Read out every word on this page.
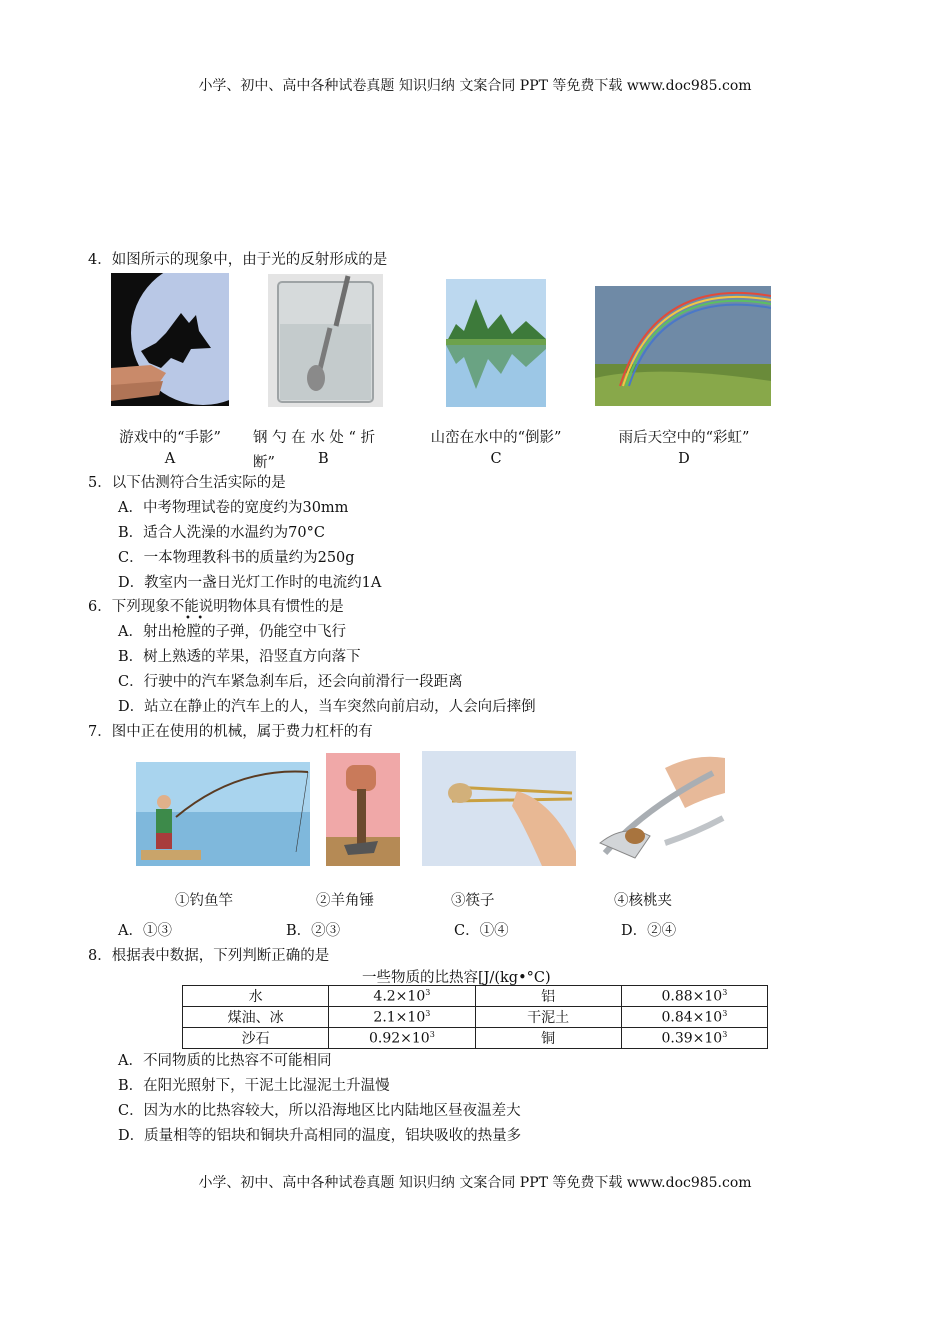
小学、初中、高中各种试卷真题 知识归纳 文案合同 PPT 等免费下载 www.doc985.com
4．如图所示的现象中，由于光的反射形成的是
游戏中的“手影”
A
钢 勺 在 水 处 “ 折
断”	B
山峦在水中的“倒影”
C
雨后天空中的“彩虹”
D
5．以下估测符合生活实际的是
A．中考物理试卷的宽度约为30mm
B．适合人洗澡的水温约为70°C
C．一本物理教科书的质量约为250g
D．教室内一盏日光灯工作时的电流约1A
6．下列现象不能说明物体具有惯性的是
•  •
A．射出枪膛的子弹，仍能空中飞行
B．树上熟透的苹果，沿竖直方向落下
C．行驶中的汽车紧急刹车后，还会向前滑行一段距离
D．站立在静止的汽车上的人，当车突然向前启动，人会向后摔倒
7．图中正在使用的机械，属于费力杠杆的有
①钓鱼竿	②羊角锤	③筷子	④核桃夹
A．①③	B．②③	C．①④	D．②④
8．根据表中数据，下列判断正确的是
一些物质的比热容[J/(kg•°C)
水	$4.2\times 10^3$	铝	$0.88\times 10^3$
煤油、冰	$2.1\times 10^3$	干泥土	$0.84\times 10^3$
沙石	$0.92\times 10^3$	铜	$0.39\times 10^3$
A．不同物质的比热容不可能相同
B．在阳光照射下，干泥土比湿泥土升温慢
C．因为水的比热容较大，所以沿海地区比内陆地区昼夜温差大
D．质量相等的铝块和铜块升高相同的温度，铝块吸收的热量多
小学、初中、高中各种试卷真题 知识归纳 文案合同 PPT 等免费下载 www.doc985.com
